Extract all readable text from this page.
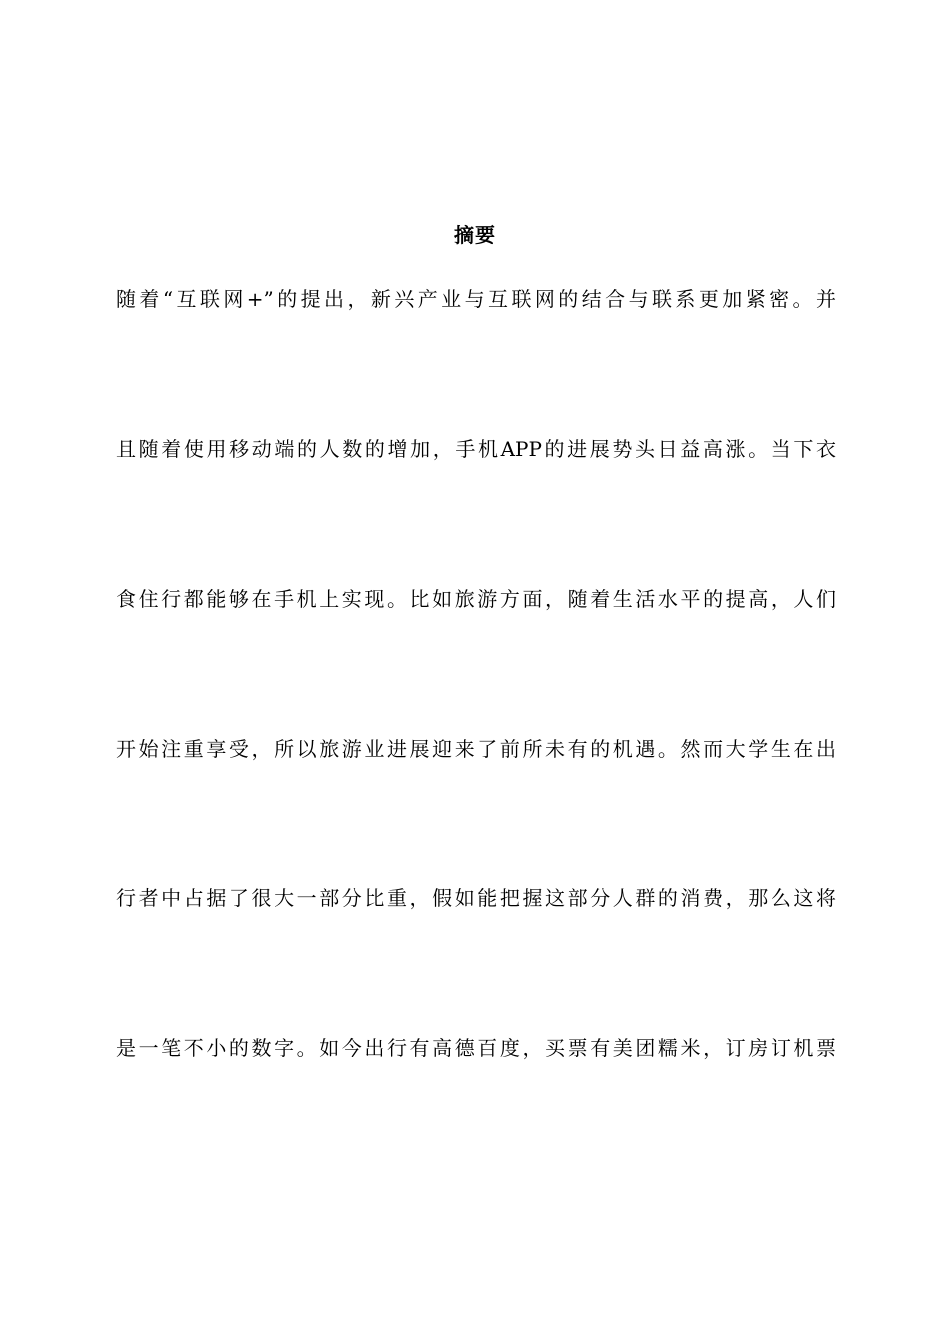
摘要

随着“互联网+”的提出，新兴产业与互联网的结合与联系更加紧密。并

且随着使用移动端的人数的增加，手机APP的进展势头日益高涨。当下衣

食住行都能够在手机上实现。比如旅游方面，随着生活水平的提高，人们

开始注重享受，所以旅游业进展迎来了前所未有的机遇。然而大学生在出

行者中占据了很大一部分比重，假如能把握这部分人群的消费，那么这将

是一笔不小的数字。如今出行有高德百度，买票有美团糯米，订房订机票
